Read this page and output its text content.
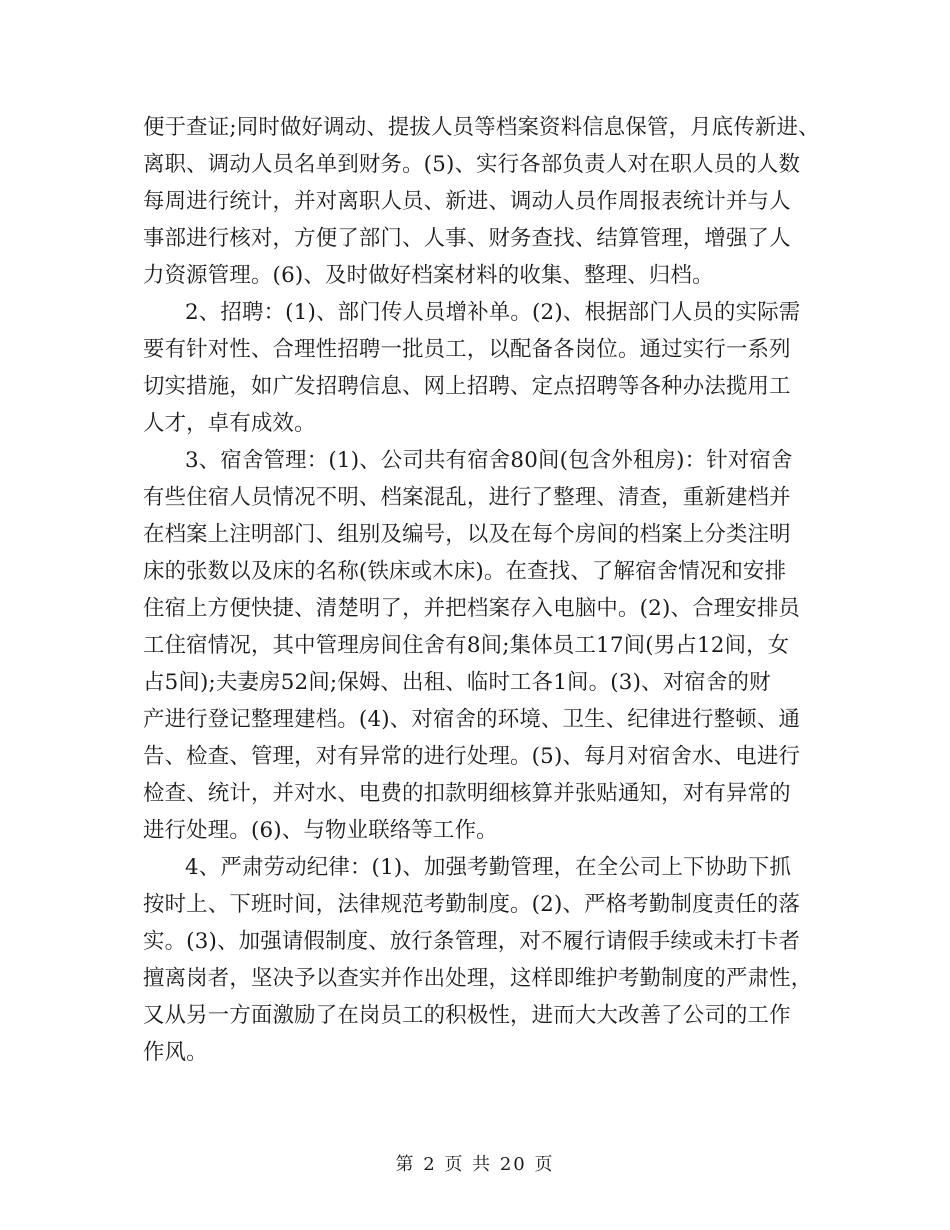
便于查证;同时做好调动、提拔人员等档案资料信息保管，月底传新进、
离职、调动人员名单到财务。(5)、实行各部负责人对在职人员的人数
每周进行统计，并对离职人员、新进、调动人员作周报表统计并与人
事部进行核对，方便了部门、人事、财务查找、结算管理，增强了人
力资源管理。(6)、及时做好档案材料的收集、整理、归档。
2、招聘：(1)、部门传人员增补单。(2)、根据部门人员的实际需
要有针对性、合理性招聘一批员工，以配备各岗位。通过实行一系列
切实措施，如广发招聘信息、网上招聘、定点招聘等各种办法揽用工
人才，卓有成效。
3、宿舍管理：(1)、公司共有宿舍80间(包含外租房)：针对宿舍
有些住宿人员情况不明、档案混乱，进行了整理、清查，重新建档并
在档案上注明部门、组别及编号，以及在每个房间的档案上分类注明
床的张数以及床的名称(铁床或木床)。在查找、了解宿舍情况和安排
住宿上方便快捷、清楚明了，并把档案存入电脑中。(2)、合理安排员
工住宿情况，其中管理房间住舍有8间;集体员工17间(男占12间，女
占5间);夫妻房52间;保姆、出租、临时工各1间。(3)、对宿舍的财
产进行登记整理建档。(4)、对宿舍的环境、卫生、纪律进行整顿、通
告、检查、管理，对有异常的进行处理。(5)、每月对宿舍水、电进行
检查、统计，并对水、电费的扣款明细核算并张贴通知，对有异常的
进行处理。(6)、与物业联络等工作。
4、严肃劳动纪律：(1)、加强考勤管理，在全公司上下协助下抓
按时上、下班时间，法律规范考勤制度。(2)、严格考勤制度责任的落
实。(3)、加强请假制度、放行条管理，对不履行请假手续或未打卡者
擅离岗者，坚决予以查实并作出处理，这样即维护考勤制度的严肃性，
又从另一方面激励了在岗员工的积极性，进而大大改善了公司的工作
作风。
第 2 页 共 20 页
